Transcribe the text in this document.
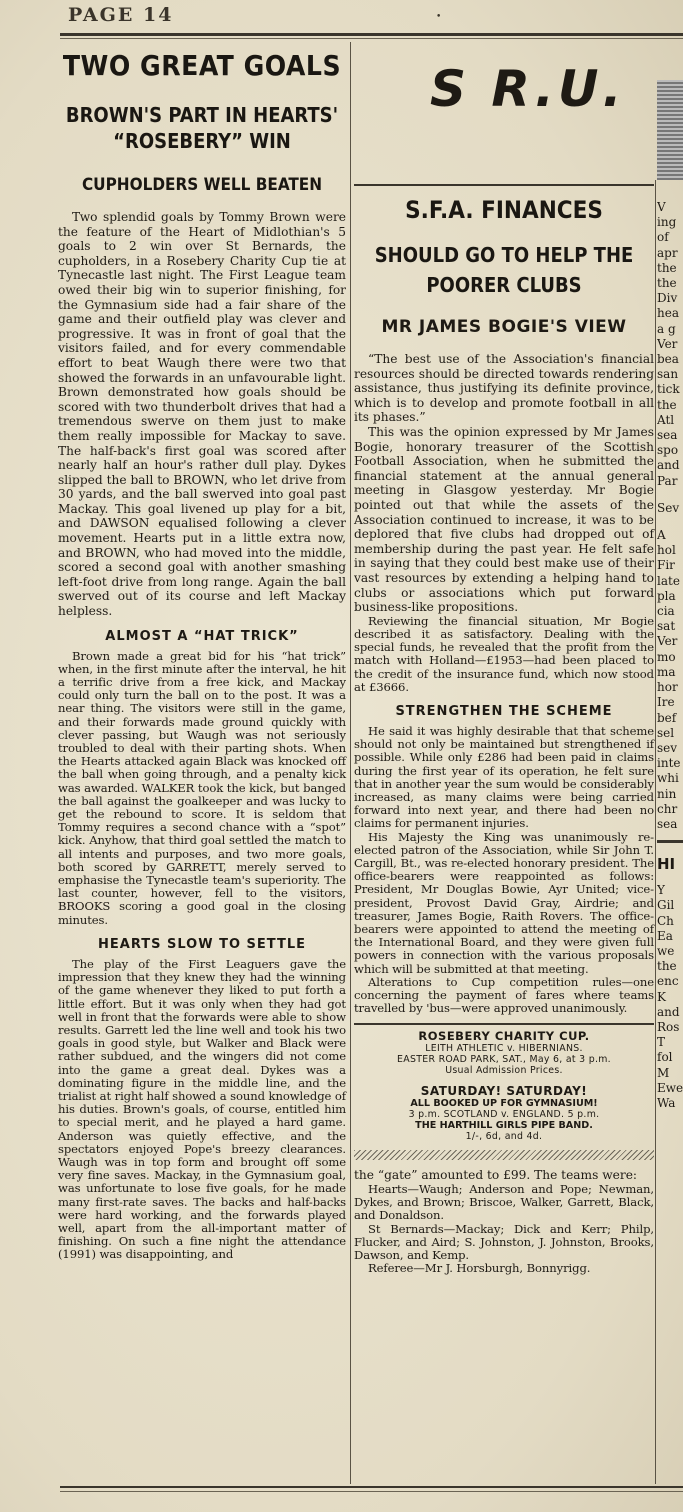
PAGE 14	•
TWO GREAT GOALS
BROWN'S PART IN HEARTS' “ROSEBERY” WIN
CUPHOLDERS WELL BEATEN

Two splendid goals by Tommy Brown were the feature of the Heart of Midlothian's 5 goals to 2 win over St Bernards, the cupholders, in a Rosebery Charity Cup tie at Tynecastle last night. The First League team owed their big win to superior finishing, for the Gymnasium side had a fair share of the game and their outfield play was clever and progressive. It was in front of goal that the visitors failed, and for every commendable effort to beat Waugh there were two that showed the forwards in an unfavourable light. Brown demonstrated how goals should be scored with two thunderbolt drives that had a tremendous swerve on them just to make them really impossible for Mackay to save. The half-back's first goal was scored after nearly half an hour's rather dull play. Dykes slipped the ball to BROWN, who let drive from 30 yards, and the ball swerved into goal past Mackay. This goal livened up play for a bit, and DAWSON equalised following a clever movement. Hearts put in a little extra now, and BROWN, who had moved into the middle, scored a second goal with another smashing left-foot drive from long range. Again the ball swerved out of its course and left Mackay helpless.

ALMOST A “HAT TRICK”

Brown made a great bid for his “hat trick” when, in the first minute after the interval, he hit a terrific drive from a free kick, and Mackay could only turn the ball on to the post. It was a near thing. The visitors were still in the game, and their forwards made ground quickly with clever passing, but Waugh was not seriously troubled to deal with their parting shots. When the Hearts attacked again Black was knocked off the ball when going through, and a penalty kick was awarded. WALKER took the kick, but banged the ball against the goalkeeper and was lucky to get the rebound to score. It is seldom that Tommy requires a second chance with a “spot” kick. Anyhow, that third goal settled the match to all intents and purposes, and two more goals, both scored by GARRETT, merely served to emphasise the Tynecastle team's superiority. The last counter, however, fell to the visitors, BROOKS scoring a good goal in the closing minutes.

HEARTS SLOW TO SETTLE

The play of the First Leaguers gave the impression that they knew they had the winning of the game whenever they liked to put forth a little effort. But it was only when they had got well in front that the forwards were able to show results. Garrett led the line well and took his two goals in good style, but Walker and Black were rather subdued, and the wingers did not come into the game a great deal. Dykes was a dominating figure in the middle line, and the trialist at right half showed a sound knowledge of his duties. Brown's goals, of course, entitled him to special merit, and he played a hard game. Anderson was quietly effective, and the spectators enjoyed Pope's breezy clearances. Waugh was in top form and brought off some very fine saves. Mackay, in the Gymnasium goal, was unfortunate to lose five goals, for he made many first-rate saves. The backs and half-backs were hard working, and the forwards played well, apart from the all-important matter of finishing. On such a fine night the attendance (1991) was disappointing, and

S R.U.
S.F.A. FINANCES
SHOULD GO TO HELP THE POORER CLUBS
MR JAMES BOGIE'S VIEW

“The best use of the Association's financial resources should be directed towards rendering assistance, thus justifying its definite province, which is to develop and promote football in all its phases.”

This was the opinion expressed by Mr James Bogie, honorary treasurer of the Scottish Football Association, when he submitted the financial statement at the annual general meeting in Glasgow yesterday. Mr Bogie pointed out that while the assets of the Association continued to increase, it was to be deplored that five clubs had dropped out of membership during the past year. He felt safe in saying that they could best make use of their vast resources by extending a helping hand to clubs or associations which put forward business-like propositions.

Reviewing the financial situation, Mr Bogie described it as satisfactory. Dealing with the special funds, he revealed that the profit from the match with Holland—£1953—had been placed to the credit of the insurance fund, which now stood at £3666.

STRENGTHEN THE SCHEME

He said it was highly desirable that that scheme should not only be maintained but strengthened if possible. While only £286 had been paid in claims during the first year of its operation, he felt sure that in another year the sum would be considerably increased, as many claims were being carried forward into next year, and there had been no claims for permanent injuries.

His Majesty the King was unanimously re-elected patron of the Association, while Sir John T. Cargill, Bt., was re-elected honorary president. The office-bearers were reappointed as follows: President, Mr Douglas Bowie, Ayr United; vice-president, Provost David Gray, Airdrie; and treasurer, James Bogie, Raith Rovers. The office-bearers were appointed to attend the meeting of the International Board, and they were given full powers in connection with the various proposals which will be submitted at that meeting.

Alterations to Cup competition rules—one concerning the payment of fares where teams travelled by 'bus—were approved unanimously.

ROSEBERY CHARITY CUP.
LEITH ATHLETIC v. HIBERNIANS.
EASTER ROAD PARK, SAT., May 6, at 3 p.m.
Usual Admission Prices.
SATURDAY! SATURDAY!
ALL BOOKED UP FOR GYMNASIUM!
3 p.m. SCOTLAND v. ENGLAND. 5 p.m.
THE HARTHILL GIRLS PIPE BAND.
1/-, 6d, and 4d.

the “gate” amounted to £99. The teams were:

Hearts—Waugh; Anderson and Pope; Newman, Dykes, and Brown; Briscoe, Walker, Garrett, Black, and Donaldson.

St Bernards—Mackay; Dick and Kerr; Philp, Flucker, and Aird; S. Johnston, J. Johnston, Brooks, Dawson, and Kemp.

Referee—Mr J. Horsburgh, Bonnyrigg.

V
ing
of
apr
the
the
Div
hea
a g
Ver
bea
san
tick
the
Atl
sea
spo
and
Par
Sev
A
hol
Fir
late
pla
cia
sat
Ver
mo
ma
hor
Ire
bef
sel
sev
inte
whi
nin
chr
sea
HI
Y
Gil
Ch
Ea
we
the
enc
K
and
Ros
T
fol
M
Ewe
Wa
